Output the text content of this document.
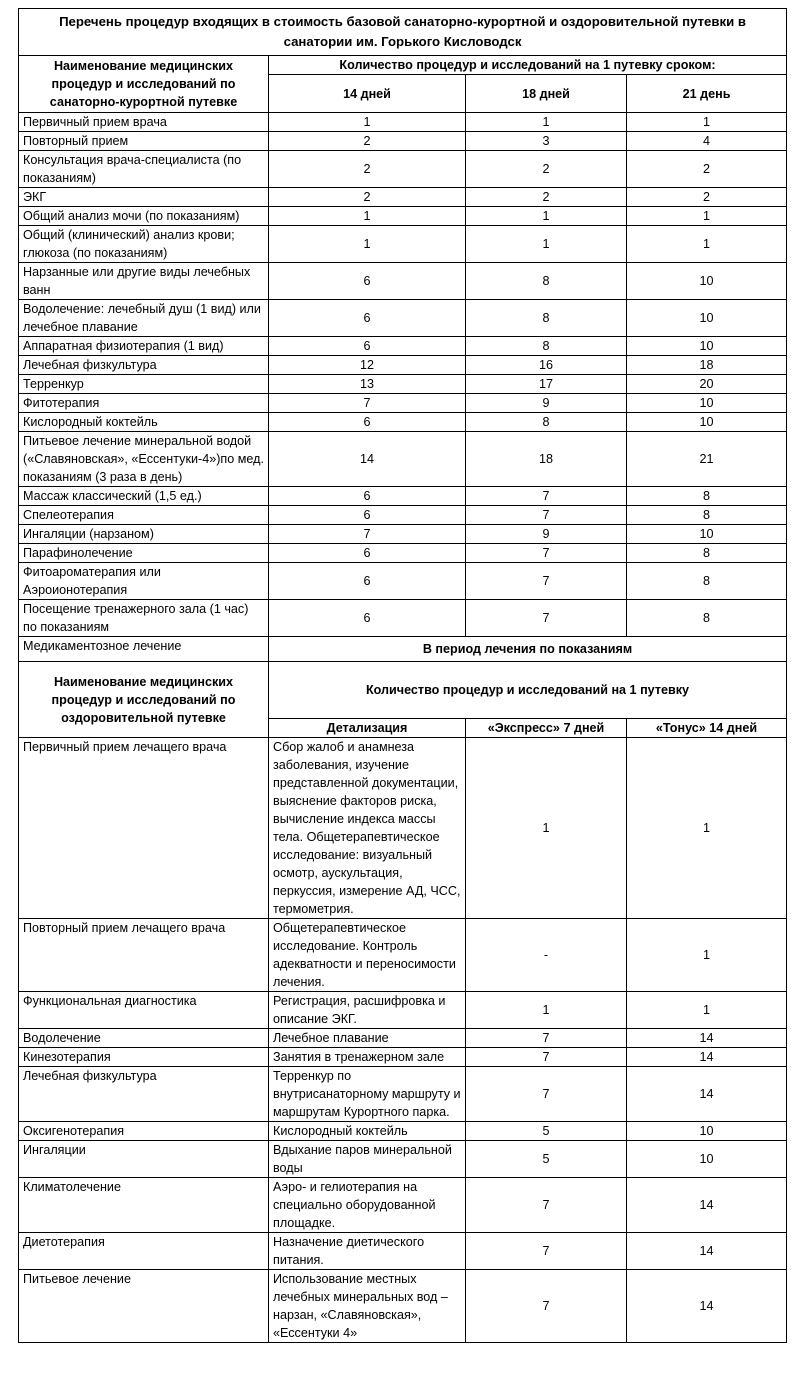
Перечень процедур входящих в стоимость базовой санаторно-курортной и оздоровительной путевки в санатории им. Горького Кисловодск			
Наименование медицинских процедур и исследований по санаторно-курортной путевке	Количество процедур и исследований на 1 путевку сроком:		
	14 дней	18 дней	21 день
Первичный прием врача	1	1	1
Повторный прием	2	3	4
Консультация врача-специалиста (по показаниям)	2	2	2
ЭКГ	2	2	2
Общий анализ мочи (по показаниям)	1	1	1
Общий (клинический) анализ крови; глюкоза (по показаниям)	1	1	1
Нарзанные или другие виды лечебных ванн	6	8	10
Водолечение: лечебный душ (1 вид) или лечебное плавание	6	8	10
Аппаратная физиотерапия (1 вид)	6	8	10
Лечебная физкультура	12	16	18
Терренкур	13	17	20
Фитотерапия	7	9	10
Кислородный коктейль	6	8	10
Питьевое лечение минеральной водой («Славяновская», «Ессентуки-4»)по мед. показаниям (3 раза в день)	14	18	21
Массаж классический (1,5 ед.)	6	7	8
Спелеотерапия	6	7	8
Ингаляции (нарзаном)	7	9	10
Парафинолечение	6	7	8
Фитоароматерапия или Аэроионотерапия	6	7	8
Посещение тренажерного зала (1 час) по показаниям	6	7	8
Медикаментозное лечение	В период лечения по показаниям		
Наименование медицинских процедур и исследований по оздоровительной путевке	Количество процедур и исследований на 1 путевку		
	Детализация	«Экспресс» 7 дней	«Тонус» 14 дней
Первичный прием лечащего врача	Сбор жалоб и анамнеза заболевания, изучение представленной документации, выяснение факторов риска, вычисление индекса массы тела. Общетерапевтическое исследование: визуальный осмотр, аускультация, перкуссия, измерение АД, ЧСС, термометрия.	1	1
Повторный прием лечащего врача	Общетерапевтическое исследование. Контроль адекватности и переносимости лечения.	-	1
Функциональная диагностика	Регистрация, расшифровка и описание ЭКГ.	1	1
Водолечение	Лечебное плавание	7	14
Кинезотерапия	Занятия в тренажерном зале	7	14
Лечебная физкультура	Терренкур по внутрисанаторному маршруту и маршрутам Курортного парка.	7	14
Оксигенотерапия	Кислородный коктейль	5	10
Ингаляции	Вдыхание паров минеральной воды	5	10
Климатолечение	Аэро- и гелиотерапия на специально оборудованной площадке.	7	14
Диетотерапия	Назначение диетического питания.	7	14
Питьевое лечение	Использование местных лечебных минеральных вод – нарзан, «Славяновская», «Ессентуки 4»	7	14
